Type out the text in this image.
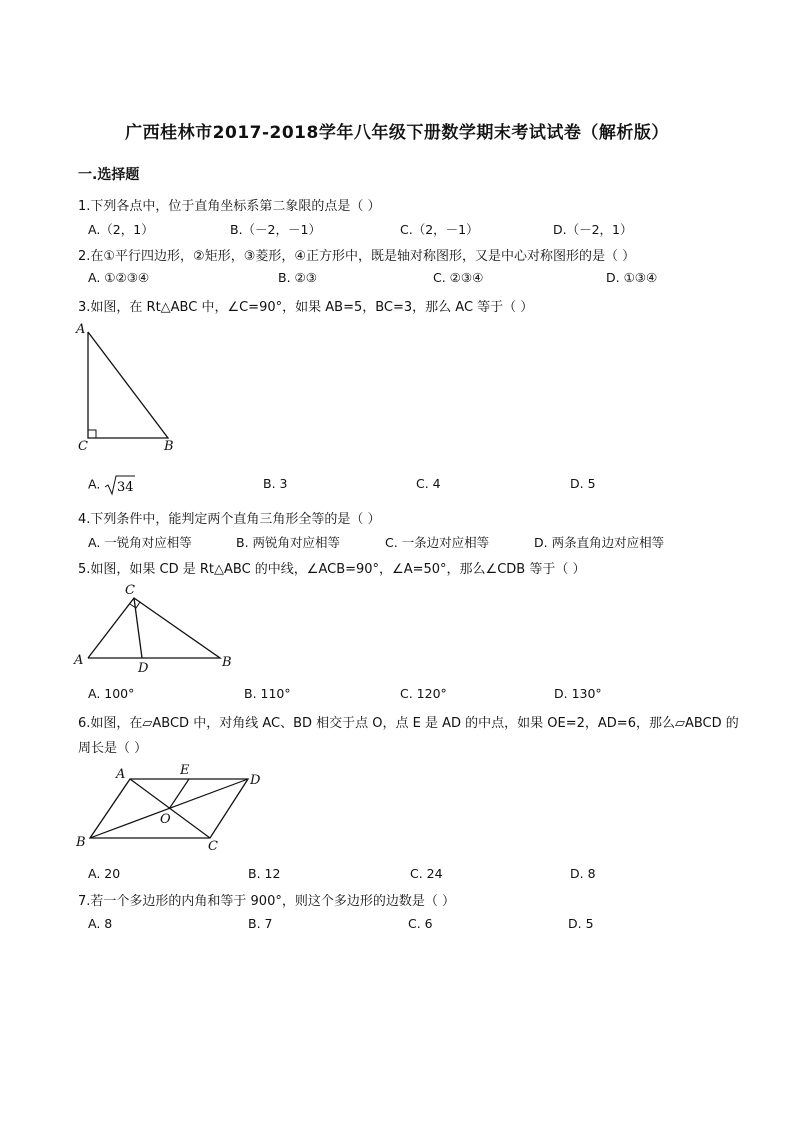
广西桂林市2017-2018学年八年级下册数学期末考试试卷（解析版）
一.选择题
1.下列各点中，位于直角坐标系第二象限的点是（ ）
A.（2，1）	B.（－2，－1）	C.（2，－1）	D.（－2，1）
2.在①平行四边形，②矩形，③菱形，④正方形中，既是轴对称图形，又是中心对称图形的是（ ）
A. ①②③④	B. ②③	C. ②③④	D. ①③④
3.如图，在 Rt△ABC 中，∠C=90°，如果 AB=5，BC=3，那么 AC 等于（ ）
A
C	B
A. 34	B. 3	C. 4	D. 5
4.下列条件中，能判定两个直角三角形全等的是（ ）
A. 一锐角对应相等	B. 两锐角对应相等	C. 一条边对应相等	D. 两条直角边对应相等
5.如图，如果 CD 是 Rt△ABC 的中线，∠ACB=90°，∠A=50°，那么∠CDB 等于（ ）
C
A
D	B
A. 100°	B. 110°	C. 120°	D. 130°
6.如图，在▱ABCD 中，对角线 AC、BD 相交于点 O，点 E 是 AD 的中点，如果 OE=2，AD=6，那么▱ABCD 的
周长是（ ）
A	E
D
O
B	C
A. 20	B. 12	C. 24	D. 8
7.若一个多边形的内角和等于 900°，则这个多边形的边数是（ ）
A. 8	B. 7	C. 6	D. 5
